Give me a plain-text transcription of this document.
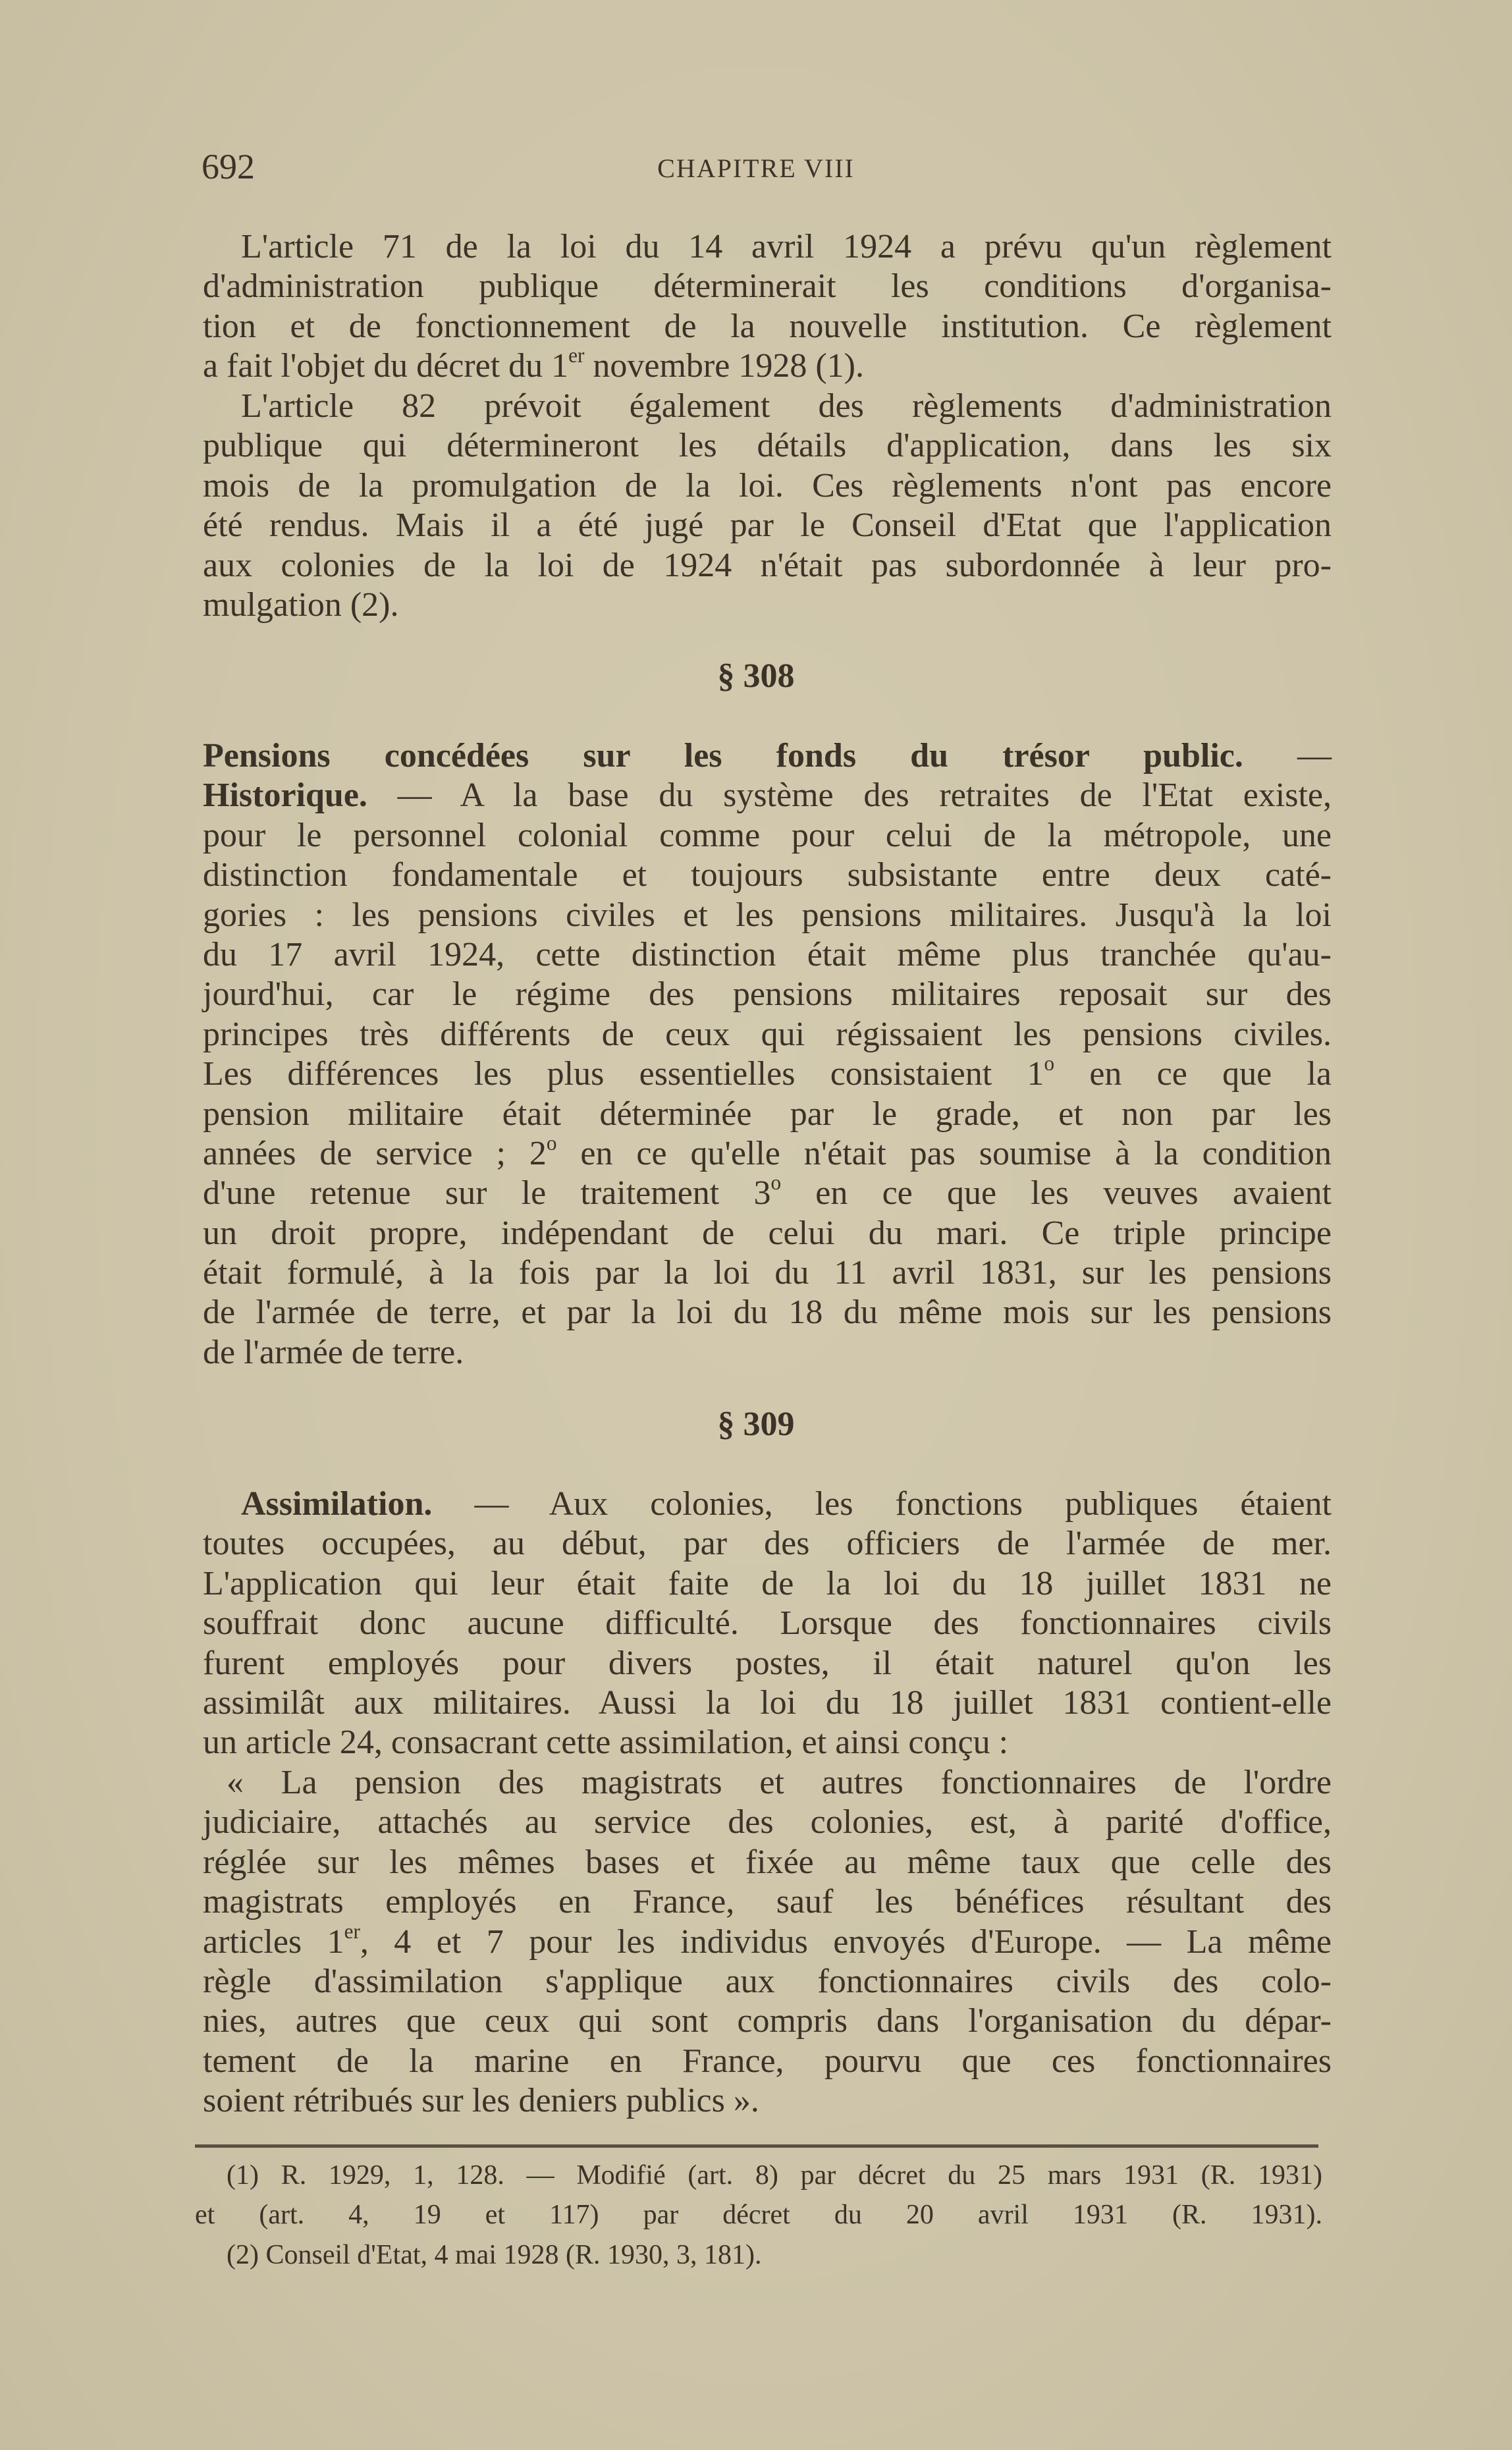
692	CHAPITRE VIII
L'article 71 de la loi du 14 avril 1924 a prévu qu'un règlement
d'administration publique déterminerait les conditions d'organisa-
tion et de fonctionnement de la nouvelle institution. Ce règlement
a fait l'objet du décret du 1er novembre 1928 (1).
L'article 82 prévoit également des règlements d'administration
publique qui détermineront les détails d'application, dans les six
mois de la promulgation de la loi. Ces règlements n'ont pas encore
été rendus. Mais il a été jugé par le Conseil d'Etat que l'application
aux colonies de la loi de 1924 n'était pas subordonnée à leur pro-
mulgation (2).
§ 308
Pensions concédées sur les fonds du trésor public. —
Historique. — A la base du système des retraites de l'Etat existe,
pour le personnel colonial comme pour celui de la métropole, une
distinction fondamentale et toujours subsistante entre deux caté-
gories : les pensions civiles et les pensions militaires. Jusqu'à la loi
du 17 avril 1924, cette distinction était même plus tranchée qu'au-
jourd'hui, car le régime des pensions militaires reposait sur des
principes très différents de ceux qui régissaient les pensions civiles.
Les différences les plus essentielles consistaient 1$^o$ en ce que la
pension militaire était déterminée par le grade, et non par les
années de service ; 2$^o$ en ce qu'elle n'était pas soumise à la condition
d'une retenue sur le traitement 3$^o$ en ce que les veuves avaient
un droit propre, indépendant de celui du mari. Ce triple principe
était formulé, à la fois par la loi du 11 avril 1831, sur les pensions
de l'armée de terre, et par la loi du 18 du même mois sur les pensions
de l'armée de terre.
§ 309
Assimilation. — Aux colonies, les fonctions publiques étaient
toutes occupées, au début, par des officiers de l'armée de mer.
L'application qui leur était faite de la loi du 18 juillet 1831 ne
souffrait donc aucune difficulté. Lorsque des fonctionnaires civils
furent employés pour divers postes, il était naturel qu'on les
assimilât aux militaires. Aussi la loi du 18 juillet 1831 contient-elle
un article 24, consacrant cette assimilation, et ainsi conçu :
« La pension des magistrats et autres fonctionnaires de l'ordre
judiciaire, attachés au service des colonies, est, à parité d'office,
réglée sur les mêmes bases et fixée au même taux que celle des
magistrats employés en France, sauf les bénéfices résultant des
articles 1er, 4 et 7 pour les individus envoyés d'Europe. — La même
règle d'assimilation s'applique aux fonctionnaires civils des colo-
nies, autres que ceux qui sont compris dans l'organisation du dépar-
tement de la marine en France, pourvu que ces fonctionnaires
soient rétribués sur les deniers publics ».
(1) R. 1929, 1, 128. — Modifié (art. 8) par décret du 25 mars 1931 (R. 1931)
et (art. 4, 19 et 117) par décret du 20 avril 1931 (R. 1931).
(2) Conseil d'Etat, 4 mai 1928 (R. 1930, 3, 181).
